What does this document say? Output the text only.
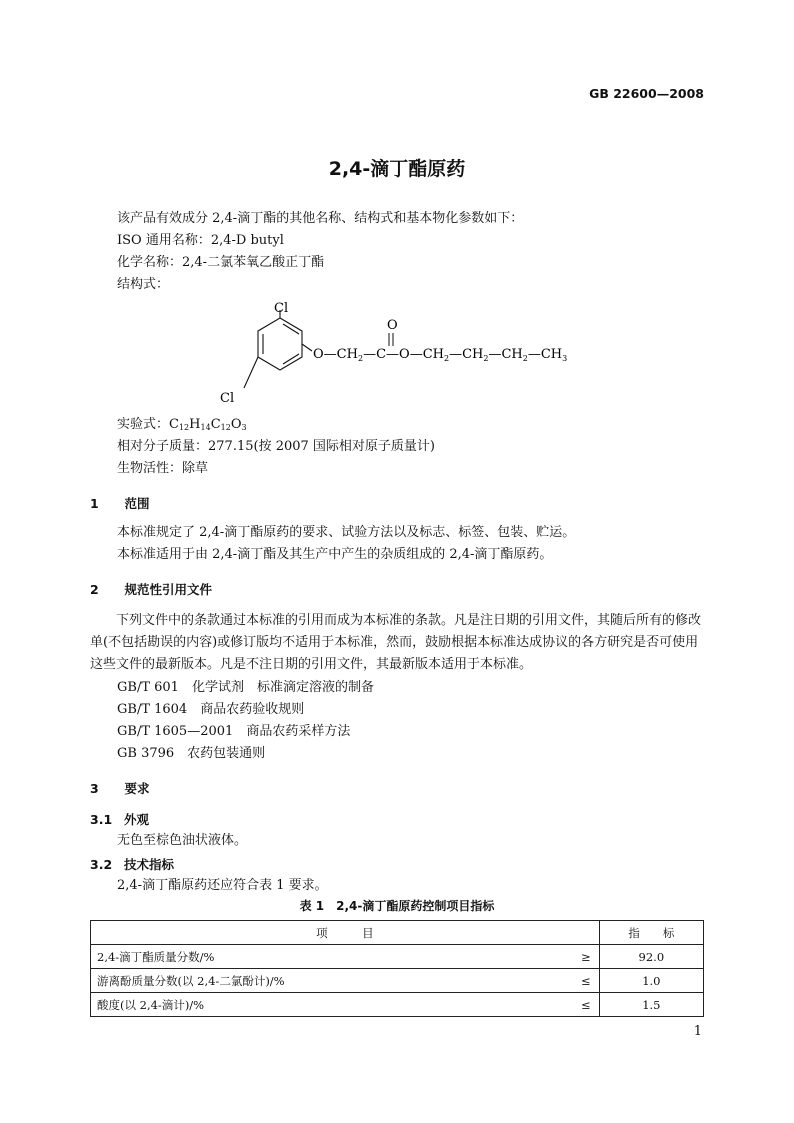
GB 22600—2008
2,4-滴丁酯原药
该产品有效成分 2,4-滴丁酯的其他名称、结构式和基本物化参数如下：
ISO 通用名称：2,4-D butyl
化学名称：2,4-二氯苯氧乙酸正丁酯
结构式：
Cl
Cl
O
$O—CH_2—C—O—CH_2—CH_2—CH_2—CH_3$
实验式：$C_{12}H_{14}C_{12}O_3$
相对分子质量：277.15(按 2007 国际相对原子质量计)
生物活性：除草
1　 范围
本标准规定了 2,4-滴丁酯原药的要求、试验方法以及标志、标签、包装、贮运。
本标准适用于由 2,4-滴丁酯及其生产中产生的杂质组成的 2,4-滴丁酯原药。
2　 规范性引用文件
下列文件中的条款通过本标准的引用而成为本标准的条款。凡是注日期的引用文件，其随后所有的修改单(不包括勘误的内容)或修订版均不适用于本标准，然而，鼓励根据本标准达成协议的各方研究是否可使用这些文件的最新版本。凡是不注日期的引用文件，其最新版本适用于本标准。
GB/T 601　 化学试剂　标准滴定溶液的制备
GB/T 1604　 商品农药验收规则
GB/T 1605—2001　 商品农药采样方法
GB 3796　 农药包装通则
3　 要求
3.1 外观
无色至棕色油状液体。
3.2 技术指标
2,4-滴丁酯原药还应符合表 1 要求。
表 1　2,4-滴丁酯原药控制项目指标
项　　　目		指　　标
2,4-滴丁酯质量分数/%	≥	92.0
游离酚质量分数(以 2,4-二氯酚计)/%	≤	1.0
酸度(以 2,4-滴计)/%	≤	1.5
1
